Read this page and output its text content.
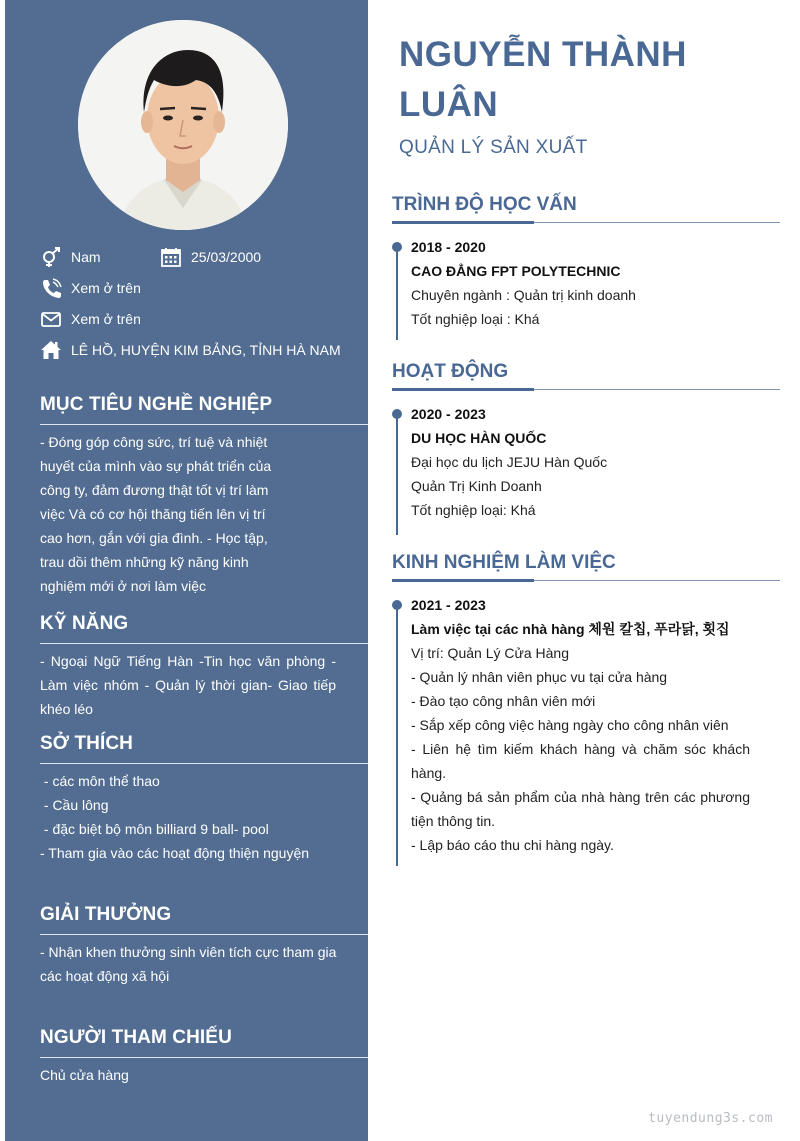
Nam	25/03/2000
Xem ở trên
Xem ở trên
LÊ HỒ, HUYỆN KIM BẢNG, TỈNH HÀ NAM
MỤC TIÊU NGHỀ NGHIỆP
- Đóng góp công sức, trí tuệ và nhiệt
huyết của mình vào sự phát triển của
công ty, đảm đương thật tốt vị trí làm
việc Và có cơ hội thăng tiến lên vị trí
cao hơn, gắn với gia đình. - Học tập,
trau dồi thêm những kỹ năng kinh
nghiệm mới ở nơi làm việc
KỸ NĂNG
- Ngoại Ngữ Tiếng Hàn -Tin học văn phòng -
Làm việc nhóm - Quản lý thời gian- Giao tiếp
khéo léo
SỞ THÍCH
- các môn thể thao
- Cầu lông
- đặc biệt bộ môn billiard 9 ball- pool
- Tham gia vào các hoạt động thiện nguyện
GIẢI THƯỞNG
- Nhận khen thưởng sinh viên tích cực tham gia
các hoạt động xã hội
NGƯỜI THAM CHIẾU
Chủ cửa hàng
NGUYỄN THÀNH
LUÂN
QUẢN LÝ SẢN XUẤT
TRÌNH ĐỘ HỌC VẤN
2018 - 2020
CAO ĐẲNG FPT POLYTECHNIC
Chuyên ngành : Quản trị kinh doanh
Tốt nghiệp loại : Khá
HOẠT ĐỘNG
2020 - 2023
DU HỌC HÀN QUỐC
Đại học du lịch JEJU Hàn Quốc
Quản Trị Kinh Doanh
Tốt nghiệp loại: Khá
KINH NGHIỆM LÀM VIỆC
2021 - 2023
Làm việc tại các nhà hàng 체원 칼칩, 푸라닭, 횟집
Vị trí: Quản Lý Cửa Hàng
- Quản lý nhân viên phục vu tại cửa hàng
- Đào tạo công nhân viên mới
- Sắp xếp công việc hàng ngày cho công nhân viên
- Liên hệ tìm kiếm khách hàng và chăm sóc khách
hàng.
- Quảng bá sản phẩm của nhà hàng trên các phương
tiện thông tin.
- Lập báo cáo thu chi hàng ngày.
tuyendung3s.com
